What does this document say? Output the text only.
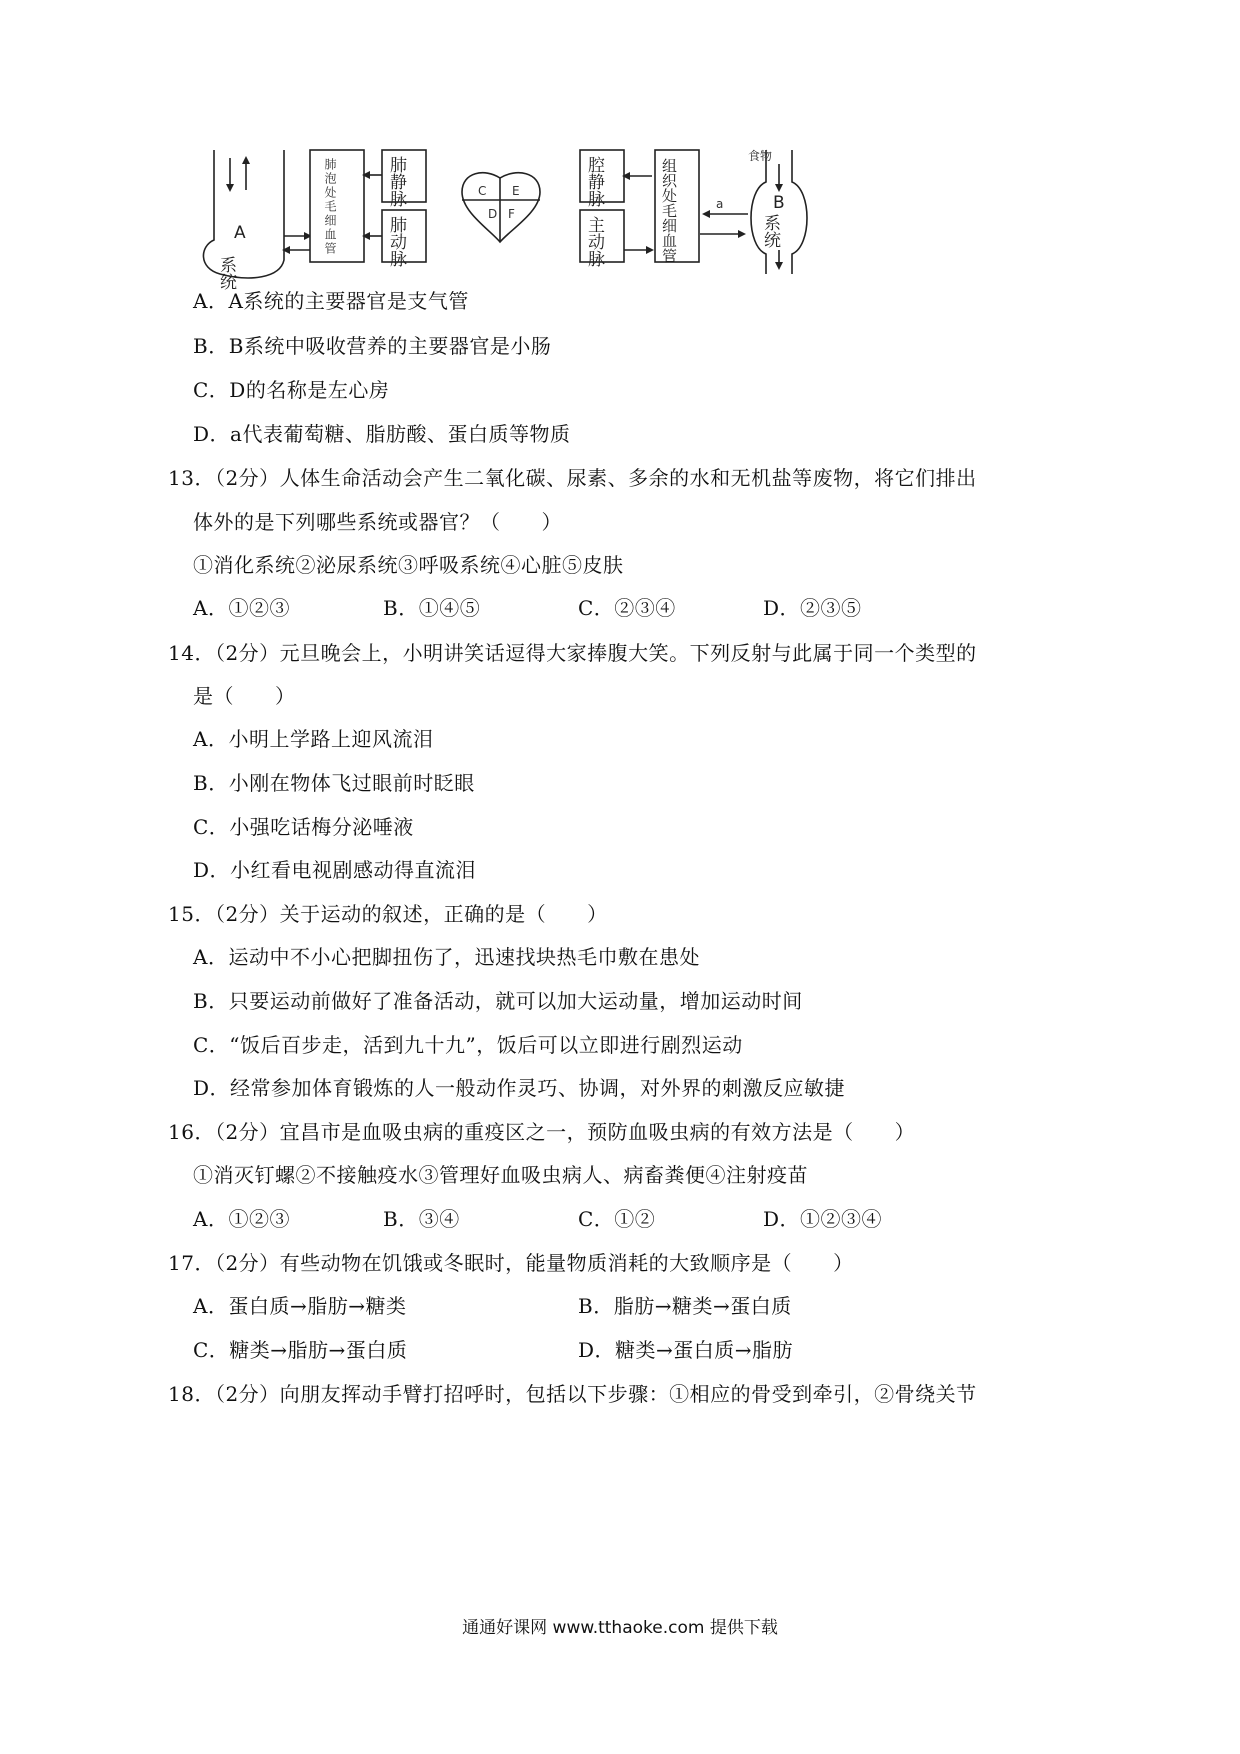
A
系统
肺泡处毛细血管	肺静脉
肺动脉
C E
D F
腔静脉
主动脉	组织处毛细血管	a
食物
B
系统
A．A系统的主要器官是支气管
B．B系统中吸收营养的主要器官是小肠
C．D的名称是左心房
D．a代表葡萄糖、脂肪酸、蛋白质等物质
13．（2分）人体生命活动会产生二氧化碳、尿素、多余的水和无机盐等废物，将它们排出
体外的是下列哪些系统或器官？（　　）
①消化系统②泌尿系统③呼吸系统④心脏⑤皮肤
A．①②③	B．①④⑤	C．②③④	D．②③⑤
14．（2分）元旦晚会上，小明讲笑话逗得大家捧腹大笑。下列反射与此属于同一个类型的
是（　　）
A．小明上学路上迎风流泪
B．小刚在物体飞过眼前时眨眼
C．小强吃话梅分泌唾液
D．小红看电视剧感动得直流泪
15．（2分）关于运动的叙述，正确的是（　　）
A．运动中不小心把脚扭伤了，迅速找块热毛巾敷在患处
B．只要运动前做好了准备活动，就可以加大运动量，增加运动时间
C．“饭后百步走，活到九十九”，饭后可以立即进行剧烈运动
D．经常参加体育锻炼的人一般动作灵巧、协调，对外界的刺激反应敏捷
16．（2分）宜昌市是血吸虫病的重疫区之一，预防血吸虫病的有效方法是（　　）
①消灭钉螺②不接触疫水③管理好血吸虫病人、病畜粪便④注射疫苗
A．①②③	B．③④	C．①②	D．①②③④
17．（2分）有些动物在饥饿或冬眠时，能量物质消耗的大致顺序是（　　）
A．蛋白质→脂肪→糖类	B．脂肪→糖类→蛋白质
C．糖类→脂肪→蛋白质	D．糖类→蛋白质→脂肪
18．（2分）向朋友挥动手臂打招呼时，包括以下步骤：①相应的骨受到牵引，②骨绕关节
通通好课网 www.tthaoke.com 提供下载
